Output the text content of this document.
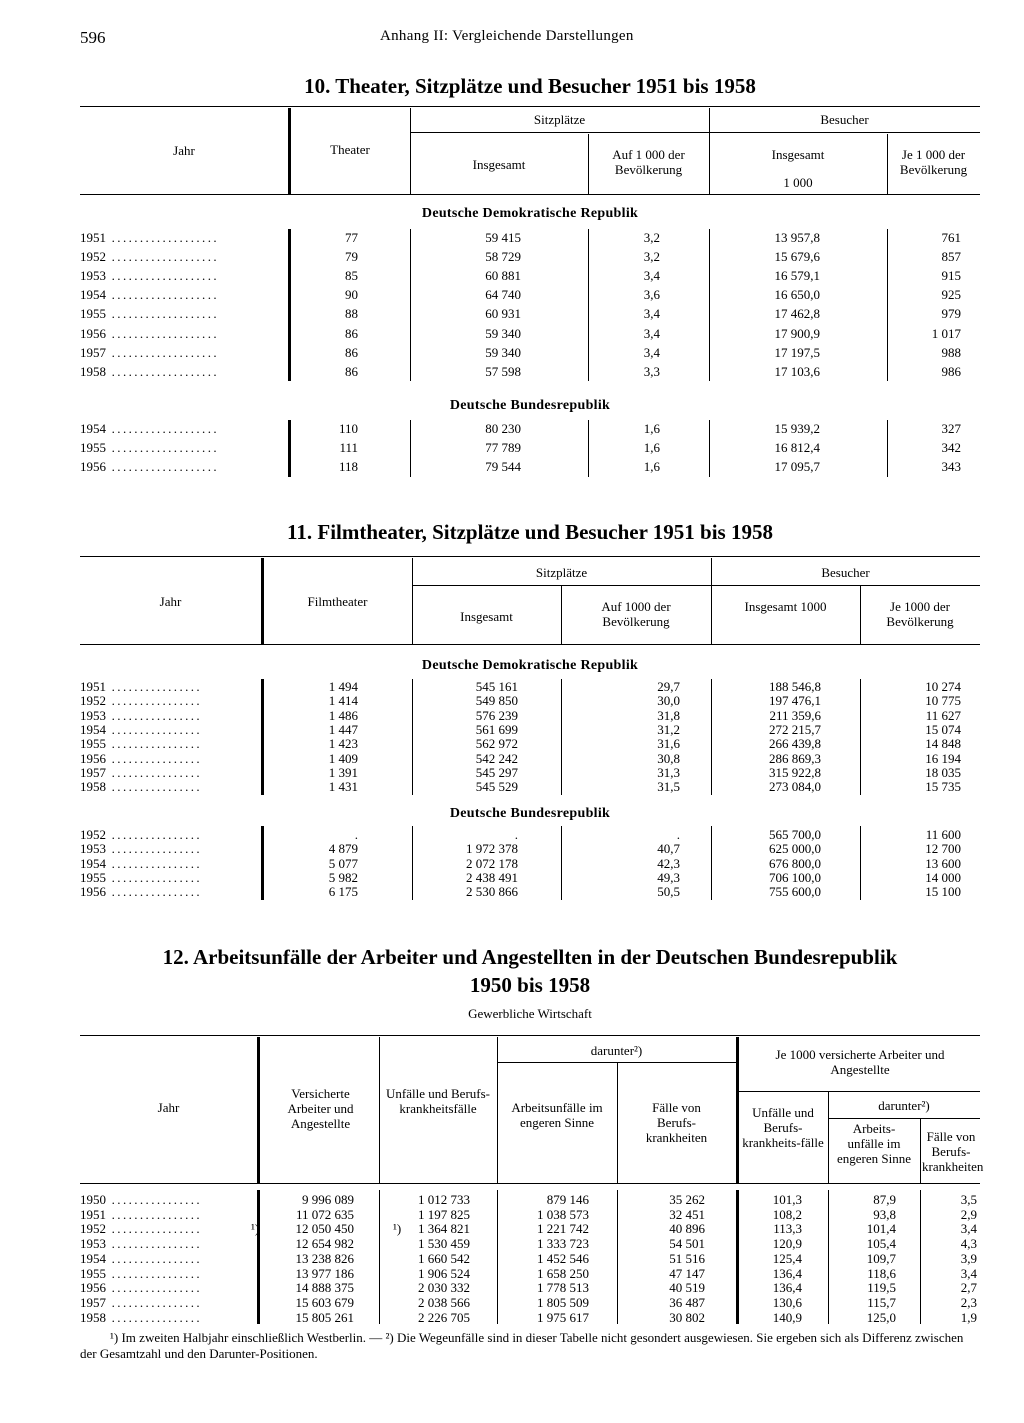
596	Anhang II: Vergleichende Darstellungen
10. Theater, Sitzplätze und Besucher 1951 bis 1958
Jahr	Theater
Sitzplätze
Insgesamt
Auf 1 000 der Bevölkerung
Besucher
Insgesamt
1 000
Je 1 000 der Bevölkerung
Deutsche Demokratische Republik
1951 ...................	77	59 415	3,2	13 957,8	761
1952 ...................	79	58 729	3,2	15 679,6	857
1953 ...................	85	60 881	3,4	16 579,1	915
1954 ...................	90	64 740	3,6	16 650,0	925
1955 ...................	88	60 931	3,4	17 462,8	979
1956 ...................	86	59 340	3,4	17 900,9	1 017
1957 ...................	86	59 340	3,4	17 197,5	988
1958 ...................	86	57 598	3,3	17 103,6	986
Deutsche Bundesrepublik
1954 ...................	110	80 230	1,6	15 939,2	327
1955 ...................	111	77 789	1,6	16 812,4	342
1956 ...................	118	79 544	1,6	17 095,7	343
11. Filmtheater, Sitzplätze und Besucher 1951 bis 1958
Jahr	Filmtheater
Sitzplätze
Insgesamt
Auf 1000 der Bevölkerung
Besucher
Insgesamt 1000	Je 1000 der Bevölkerung
Deutsche Demokratische Republik
1951 ................	1 494	545 161	29,7	188 546,8	10 274
1952 ................	1 414	549 850	30,0	197 476,1	10 775
1953 ................	1 486	576 239	31,8	211 359,6	11 627
1954 ................	1 447	561 699	31,2	272 215,7	15 074
1955 ................	1 423	562 972	31,6	266 439,8	14 848
1956 ................	1 409	542 242	30,8	286 869,3	16 194
1957 ................	1 391	545 297	31,3	315 922,8	18 035
1958 ................	1 431	545 529	31,5	273 084,0	15 735
Deutsche Bundesrepublik
1952 ................	.	.	.	565 700,0	11 600
1953 ................	4 879	1 972 378	40,7	625 000,0	12 700
1954 ................	5 077	2 072 178	42,3	676 800,0	13 600
1955 ................	5 982	2 438 491	49,3	706 100,0	14 000
1956 ................	6 175	2 530 866	50,5	755 600,0	15 100
12. Arbeitsunfälle der Arbeiter und Angestellten in der Deutschen Bundesrepublik
1950 bis 1958
Gewerbliche Wirtschaft
Jahr
Versicherte Arbeiter und Angestellte
Unfälle und Berufs-krankheitsfälle
darunter²)
Arbeitsunfälle im engeren Sinne
Fälle von Berufs-krankheiten
Je 1000 versicherte Arbeiter und Angestellte
Unfälle und Berufs-krankheits-fälle
darunter²)
Arbeits-unfälle im engeren Sinne
Fälle von Berufs-krankheiten
1950 ................	9 996 089	1 012 733	879 146	35 262	101,3	87,9	3,5
1951 ................	11 072 635	1 197 825	1 038 573	32 451	108,2	93,8	2,9
1952 ................	¹)	12 050 450	¹) 1 364 821	1 221 742	40 896	113,3	101,4	3,4
1953 ................	12 654 982	1 530 459	1 333 723	54 501	120,9	105,4	4,3
1954 ................	13 238 826	1 660 542	1 452 546	51 516	125,4	109,7	3,9
1955 ................	13 977 186	1 906 524	1 658 250	47 147	136,4	118,6	3,4
1956 ................	14 888 375	2 030 332	1 778 513	40 519	136,4	119,5	2,7
1957 ................	15 603 679	2 038 566	1 805 509	36 487	130,6	115,7	2,3
1958 ................	15 805 261	2 226 705	1 975 617	30 802	140,9	125,0	1,9
¹) Im zweiten Halbjahr einschließlich Westberlin. — ²) Die Wegeunfälle sind in dieser Tabelle nicht gesondert ausgewiesen. Sie ergeben sich als Differenz zwischen der Gesamtzahl und den Darunter-Positionen.
